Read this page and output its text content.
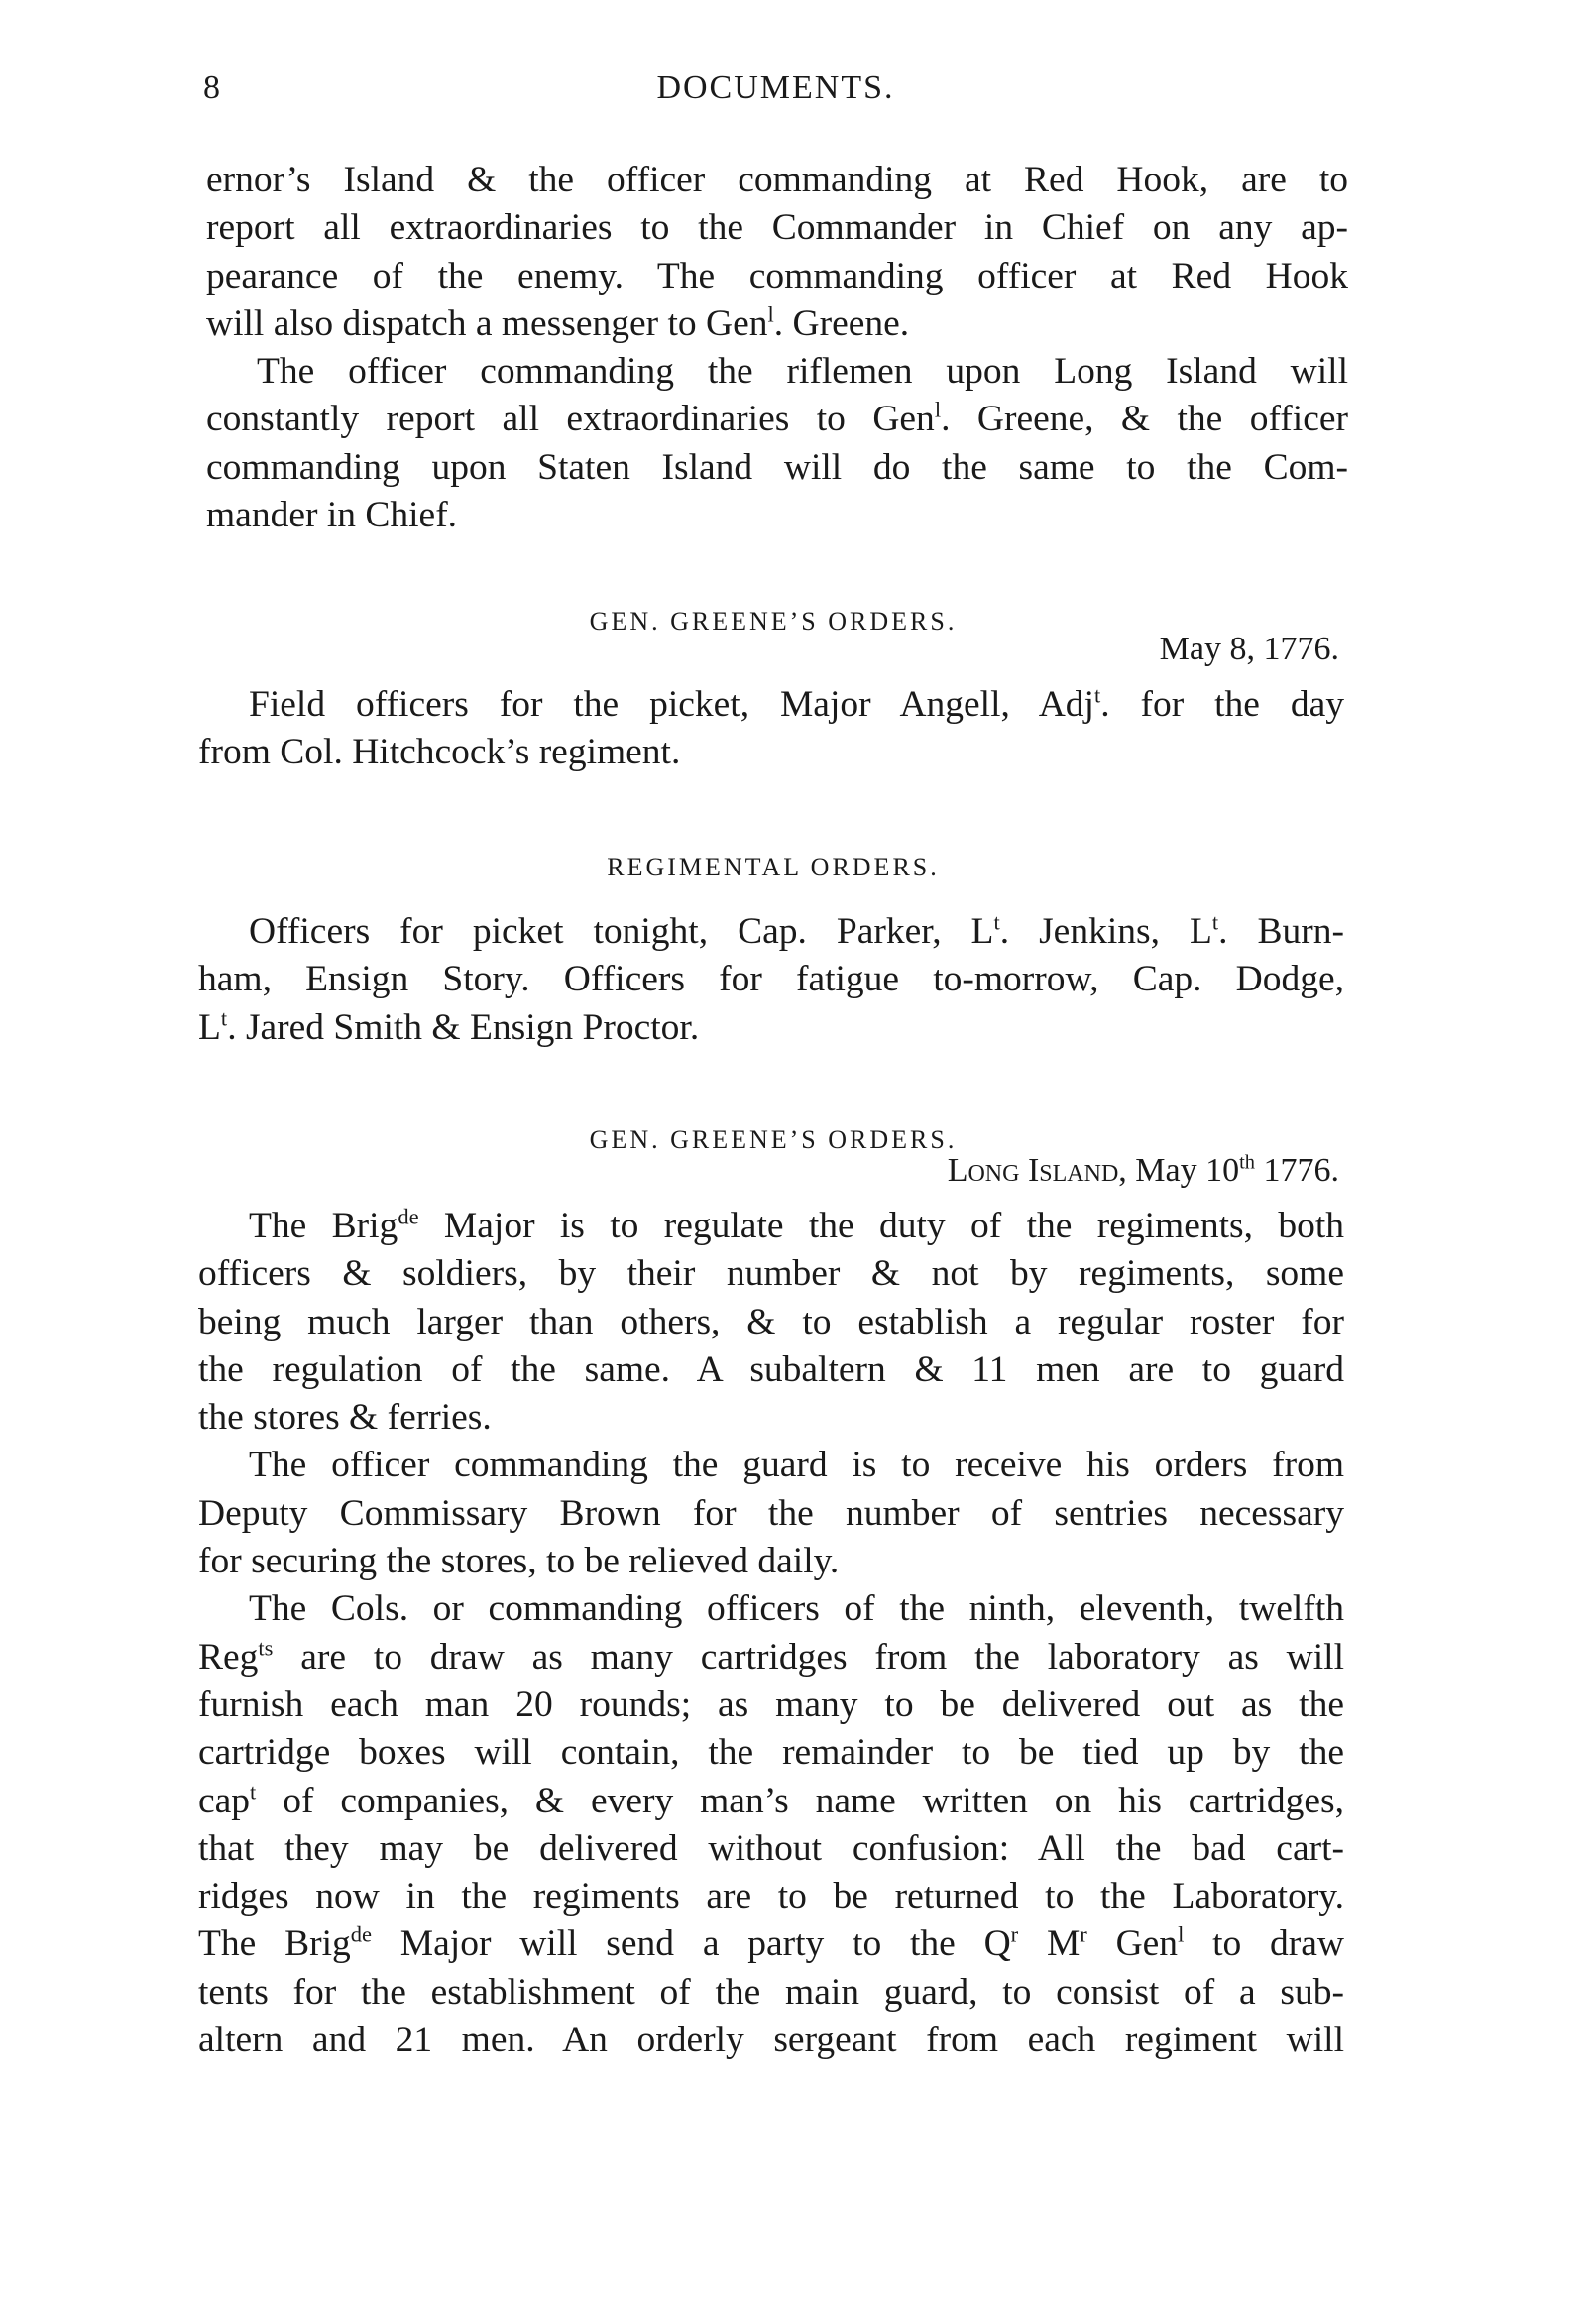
8	DOCUMENTS.
ernor’s Island & the officer commanding at Red Hook, are to
report all extraordinaries to the Commander in Chief on any ap-
pearance of the enemy. The commanding officer at Red Hook
will also dispatch a messenger to Gen$^l$. Greene.
The officer commanding the riflemen upon Long Island will
constantly report all extraordinaries to Gen$^l$. Greene, & the officer
commanding upon Staten Island will do the same to the Com-
mander in Chief.
GEN. GREENE’S ORDERS.
May 8, 1776.
Field officers for the picket, Major Angell, Adj$^t$. for the day
from Col. Hitchcock’s regiment.
REGIMENTAL ORDERS.
Officers for picket tonight, Cap. Parker, $L^t$. Jenkins, $L^t$. Burn-
ham, Ensign Story. Officers for fatigue to-morrow, Cap. Dodge,
$L^t$. Jared Smith & Ensign Proctor.
GEN. GREENE’S ORDERS.
Long Island, May 10th 1776.
The Brig$^{de}$ Major is to regulate the duty of the regiments, both
officers & soldiers, by their number & not by regiments, some
being much larger than others, & to establish a regular roster for
the regulation of the same. A subaltern & 11 men are to guard
the stores & ferries.
The officer commanding the guard is to receive his orders from
Deputy Commissary Brown for the number of sentries necessary
for securing the stores, to be relieved daily.
The Cols. or commanding officers of the ninth, eleventh, twelfth
Reg$^{ts}$ are to draw as many cartridges from the laboratory as will
furnish each man 20 rounds; as many to be delivered out as the
cartridge boxes will contain, the remainder to be tied up by the
cap$^t$ of companies, & every man’s name written on his cartridges,
that they may be delivered without confusion: All the bad cart-
ridges now in the regiments are to be returned to the Laboratory.
The Brig$^{de}$ Major will send a party to the $Q^r$ $M^r$ Gen$^l$ to draw
tents for the establishment of the main guard, to consist of a sub-
altern and 21 men. An orderly sergeant from each regiment will
